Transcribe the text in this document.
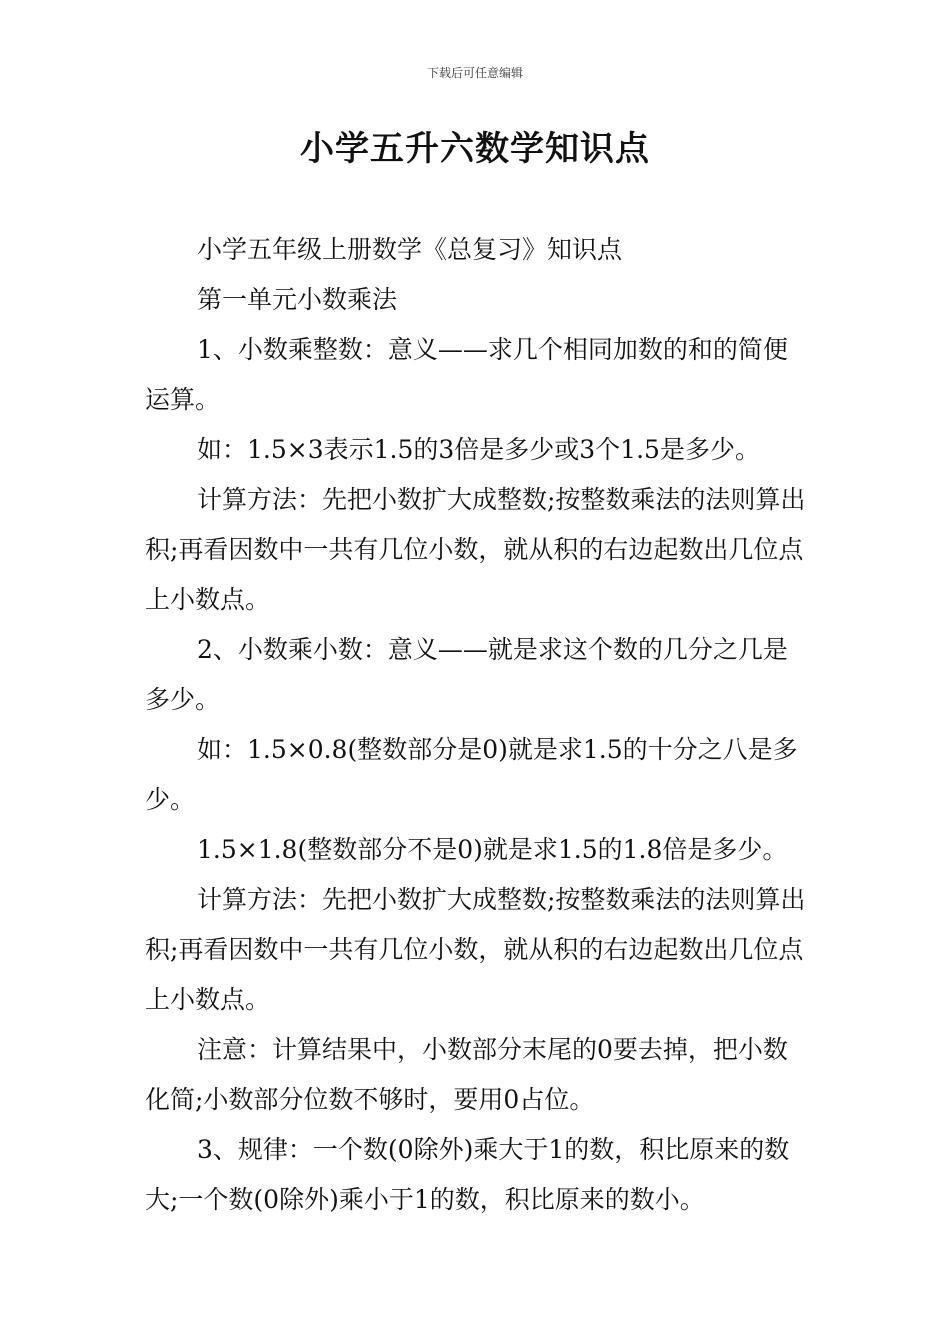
下载后可任意编辑
小学五升六数学知识点

小学五年级上册数学《总复习》知识点

第一单元小数乘法

1、小数乘整数：意义——求几个相同加数的和的简便运算。

如：1.5×3表示1.5的3倍是多少或3个1.5是多少。

计算方法：先把小数扩大成整数;按整数乘法的法则算出积;再看因数中一共有几位小数，就从积的右边起数出几位点上小数点。

2、小数乘小数：意义——就是求这个数的几分之几是多少。

如：1.5×0.8(整数部分是0)就是求1.5的十分之八是多少。

1.5×1.8(整数部分不是0)就是求1.5的1.8倍是多少。

计算方法：先把小数扩大成整数;按整数乘法的法则算出积;再看因数中一共有几位小数，就从积的右边起数出几位点上小数点。

注意：计算结果中，小数部分末尾的0要去掉，把小数化简;小数部分位数不够时，要用0占位。

3、规律：一个数(0除外)乘大于1的数，积比原来的数大;一个数(0除外)乘小于1的数，积比原来的数小。
